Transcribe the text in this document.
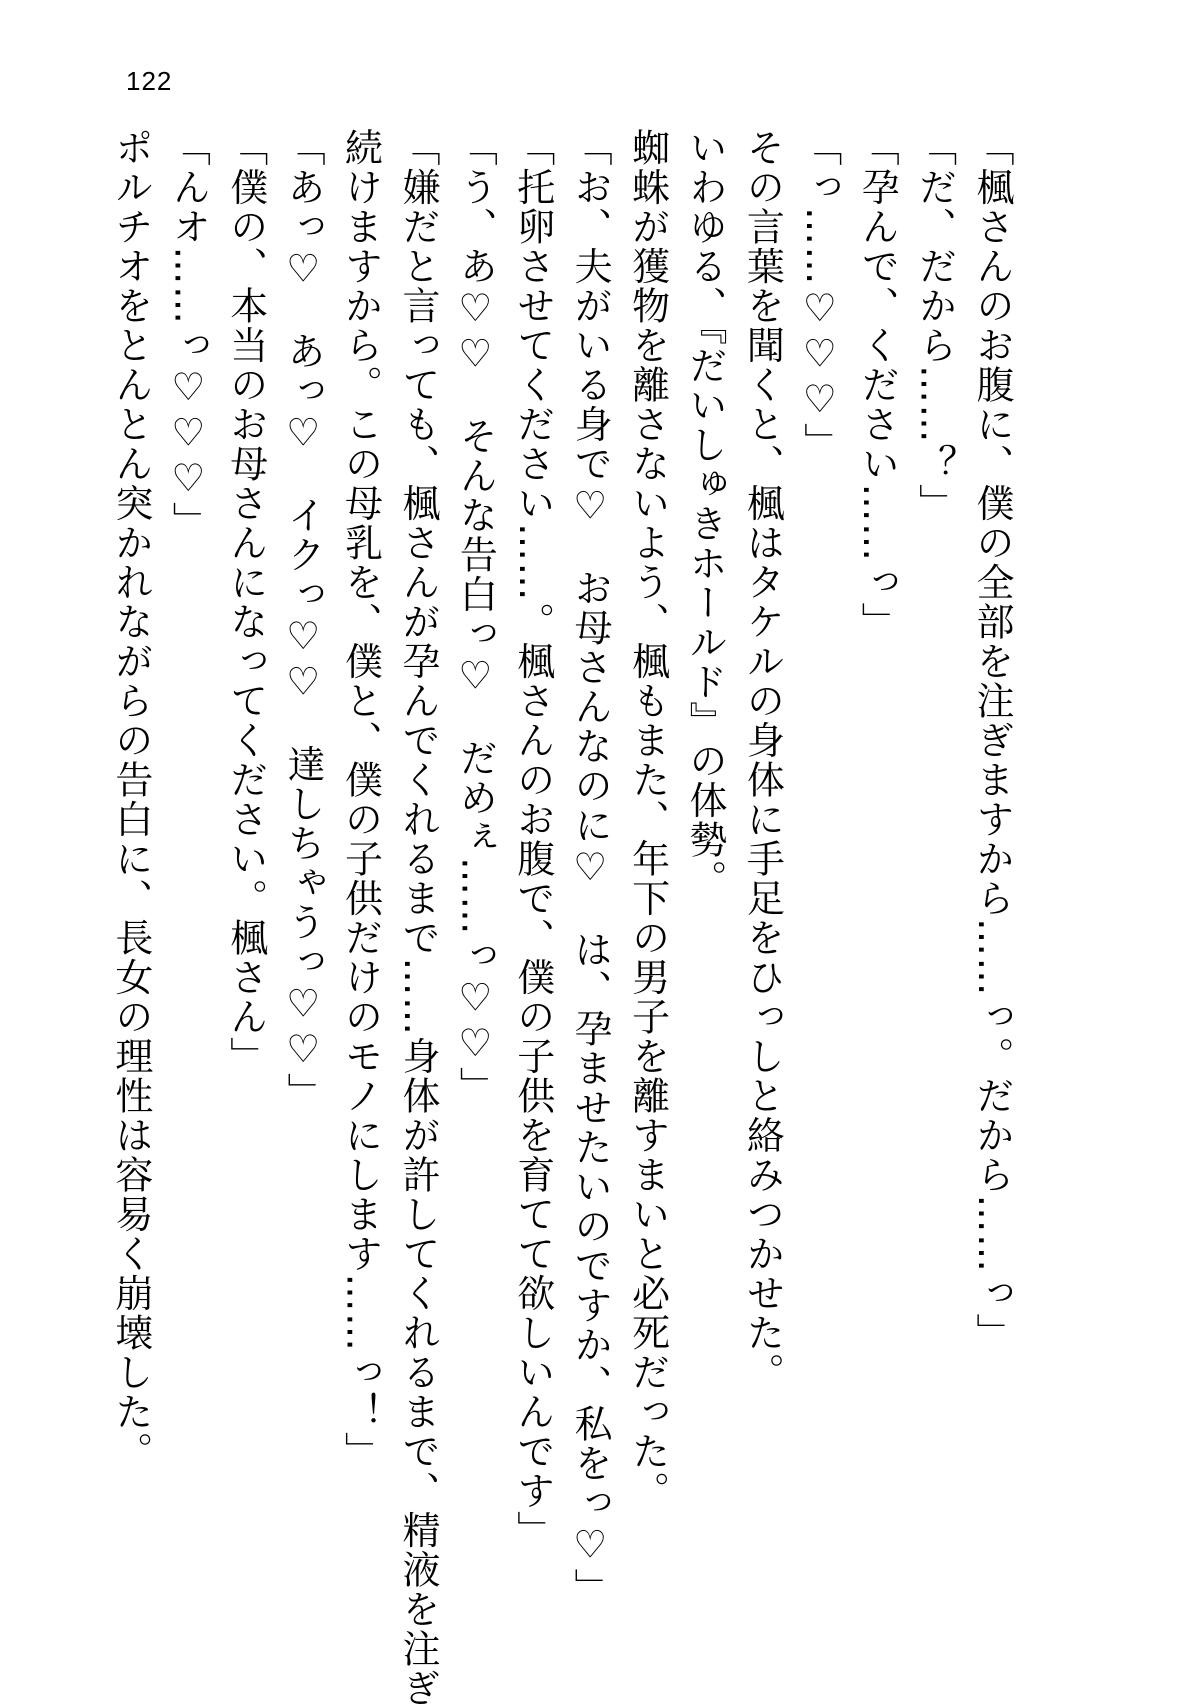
122
「楓さんのお腹に、僕の全部を注ぎますから……っ。だから……っ」
「だ、だから……？」
「孕んで、ください……っ」
「っ……♡♡♡」
その言葉を聞くと、楓はタケルの身体に手足をひっしと絡みつかせた。
いわゆる、『だいしゅきホールド』の体勢。
蜘蛛が獲物を離さないよう、楓もまた、年下の男子を離すまいと必死だった。
「お、夫がいる身で♡　お母さんなのに♡　は、孕ませたいのですか、私をっ♡」
「托卵させてください……。楓さんのお腹で、僕の子供を育てて欲しいんです」
「う、あ♡♡　そんな告白っ♡　だめぇ……っ♡♡」
「嫌だと言っても、楓さんが孕んでくれるまで……身体が許してくれるまで、精液を注ぎ
続けますから。この母乳を、僕と、僕の子供だけのモノにします……っ！」
「あっ♡　あっ♡　イクっ♡♡　達しちゃうっ♡♡」
「僕の、本当のお母さんになってください。楓さん」
「んオ……っ♡♡♡」
ポルチオをとんとん突かれながらの告白に、長女の理性は容易く崩壊した。
